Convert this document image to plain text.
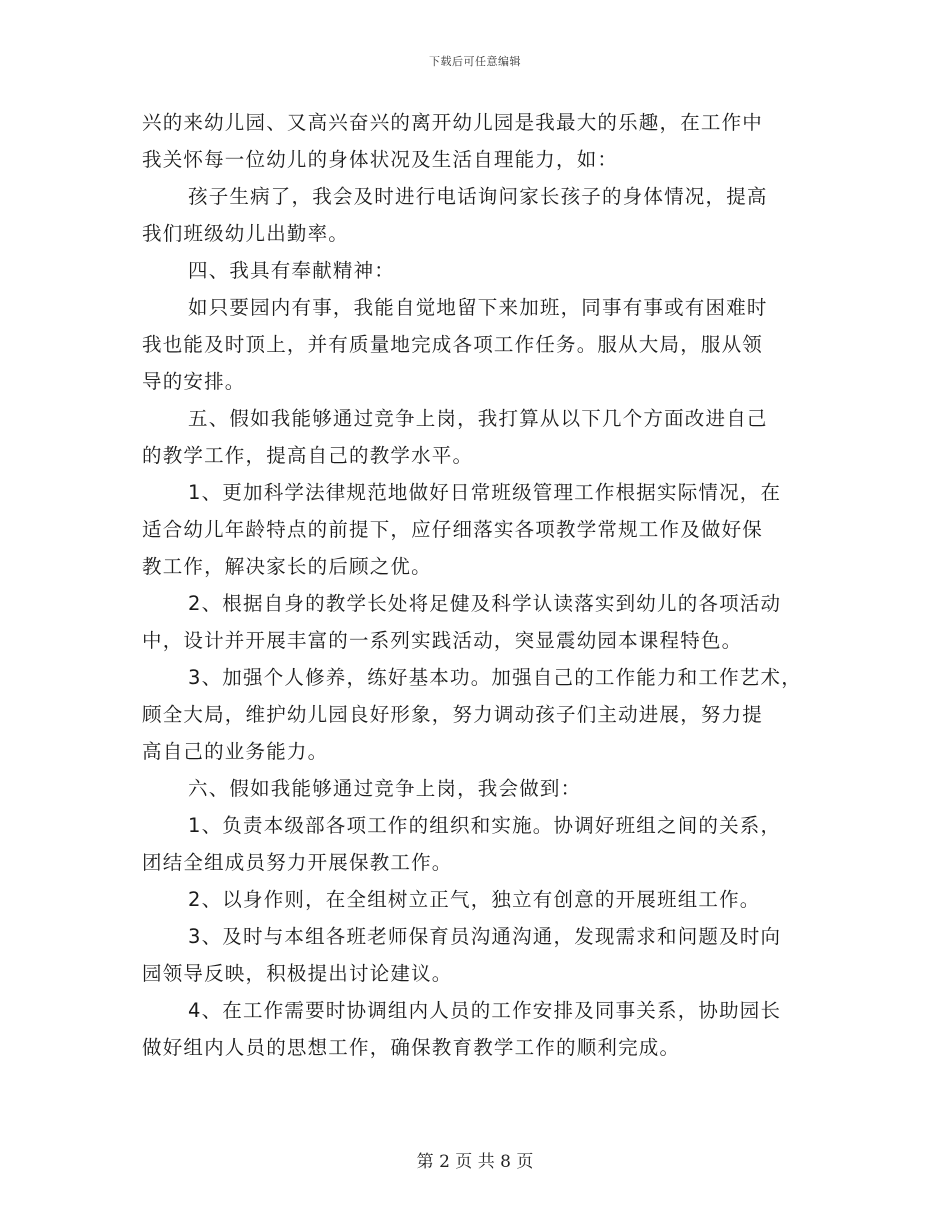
下载后可任意编辑
兴的来幼儿园、又高兴奋兴的离开幼儿园是我最大的乐趣，在工作中
我关怀每一位幼儿的身体状况及生活自理能力，如：
孩子生病了，我会及时进行电话询问家长孩子的身体情况，提高
我们班级幼儿出勤率。
四、我具有奉献精神：
如只要园内有事，我能自觉地留下来加班，同事有事或有困难时
我也能及时顶上，并有质量地完成各项工作任务。服从大局，服从领
导的安排。
五、假如我能够通过竞争上岗，我打算从以下几个方面改进自己
的教学工作，提高自己的教学水平。
1、更加科学法律规范地做好日常班级管理工作根据实际情况，在
适合幼儿年龄特点的前提下，应仔细落实各项教学常规工作及做好保
教工作，解决家长的后顾之优。
2、根据自身的教学长处将足健及科学认读落实到幼儿的各项活动
中，设计并开展丰富的一系列实践活动，突显震幼园本课程特色。
3、加强个人修养，练好基本功。加强自己的工作能力和工作艺术，
顾全大局，维护幼儿园良好形象，努力调动孩子们主动进展，努力提
高自己的业务能力。
六、假如我能够通过竞争上岗，我会做到：
1、负责本级部各项工作的组织和实施。协调好班组之间的关系，
团结全组成员努力开展保教工作。
2、以身作则，在全组树立正气，独立有创意的开展班组工作。
3、及时与本组各班老师保育员沟通沟通，发现需求和问题及时向
园领导反映，积极提出讨论建议。
4、在工作需要时协调组内人员的工作安排及同事关系，协助园长
做好组内人员的思想工作，确保教育教学工作的顺利完成。
第 2 页 共 8 页
